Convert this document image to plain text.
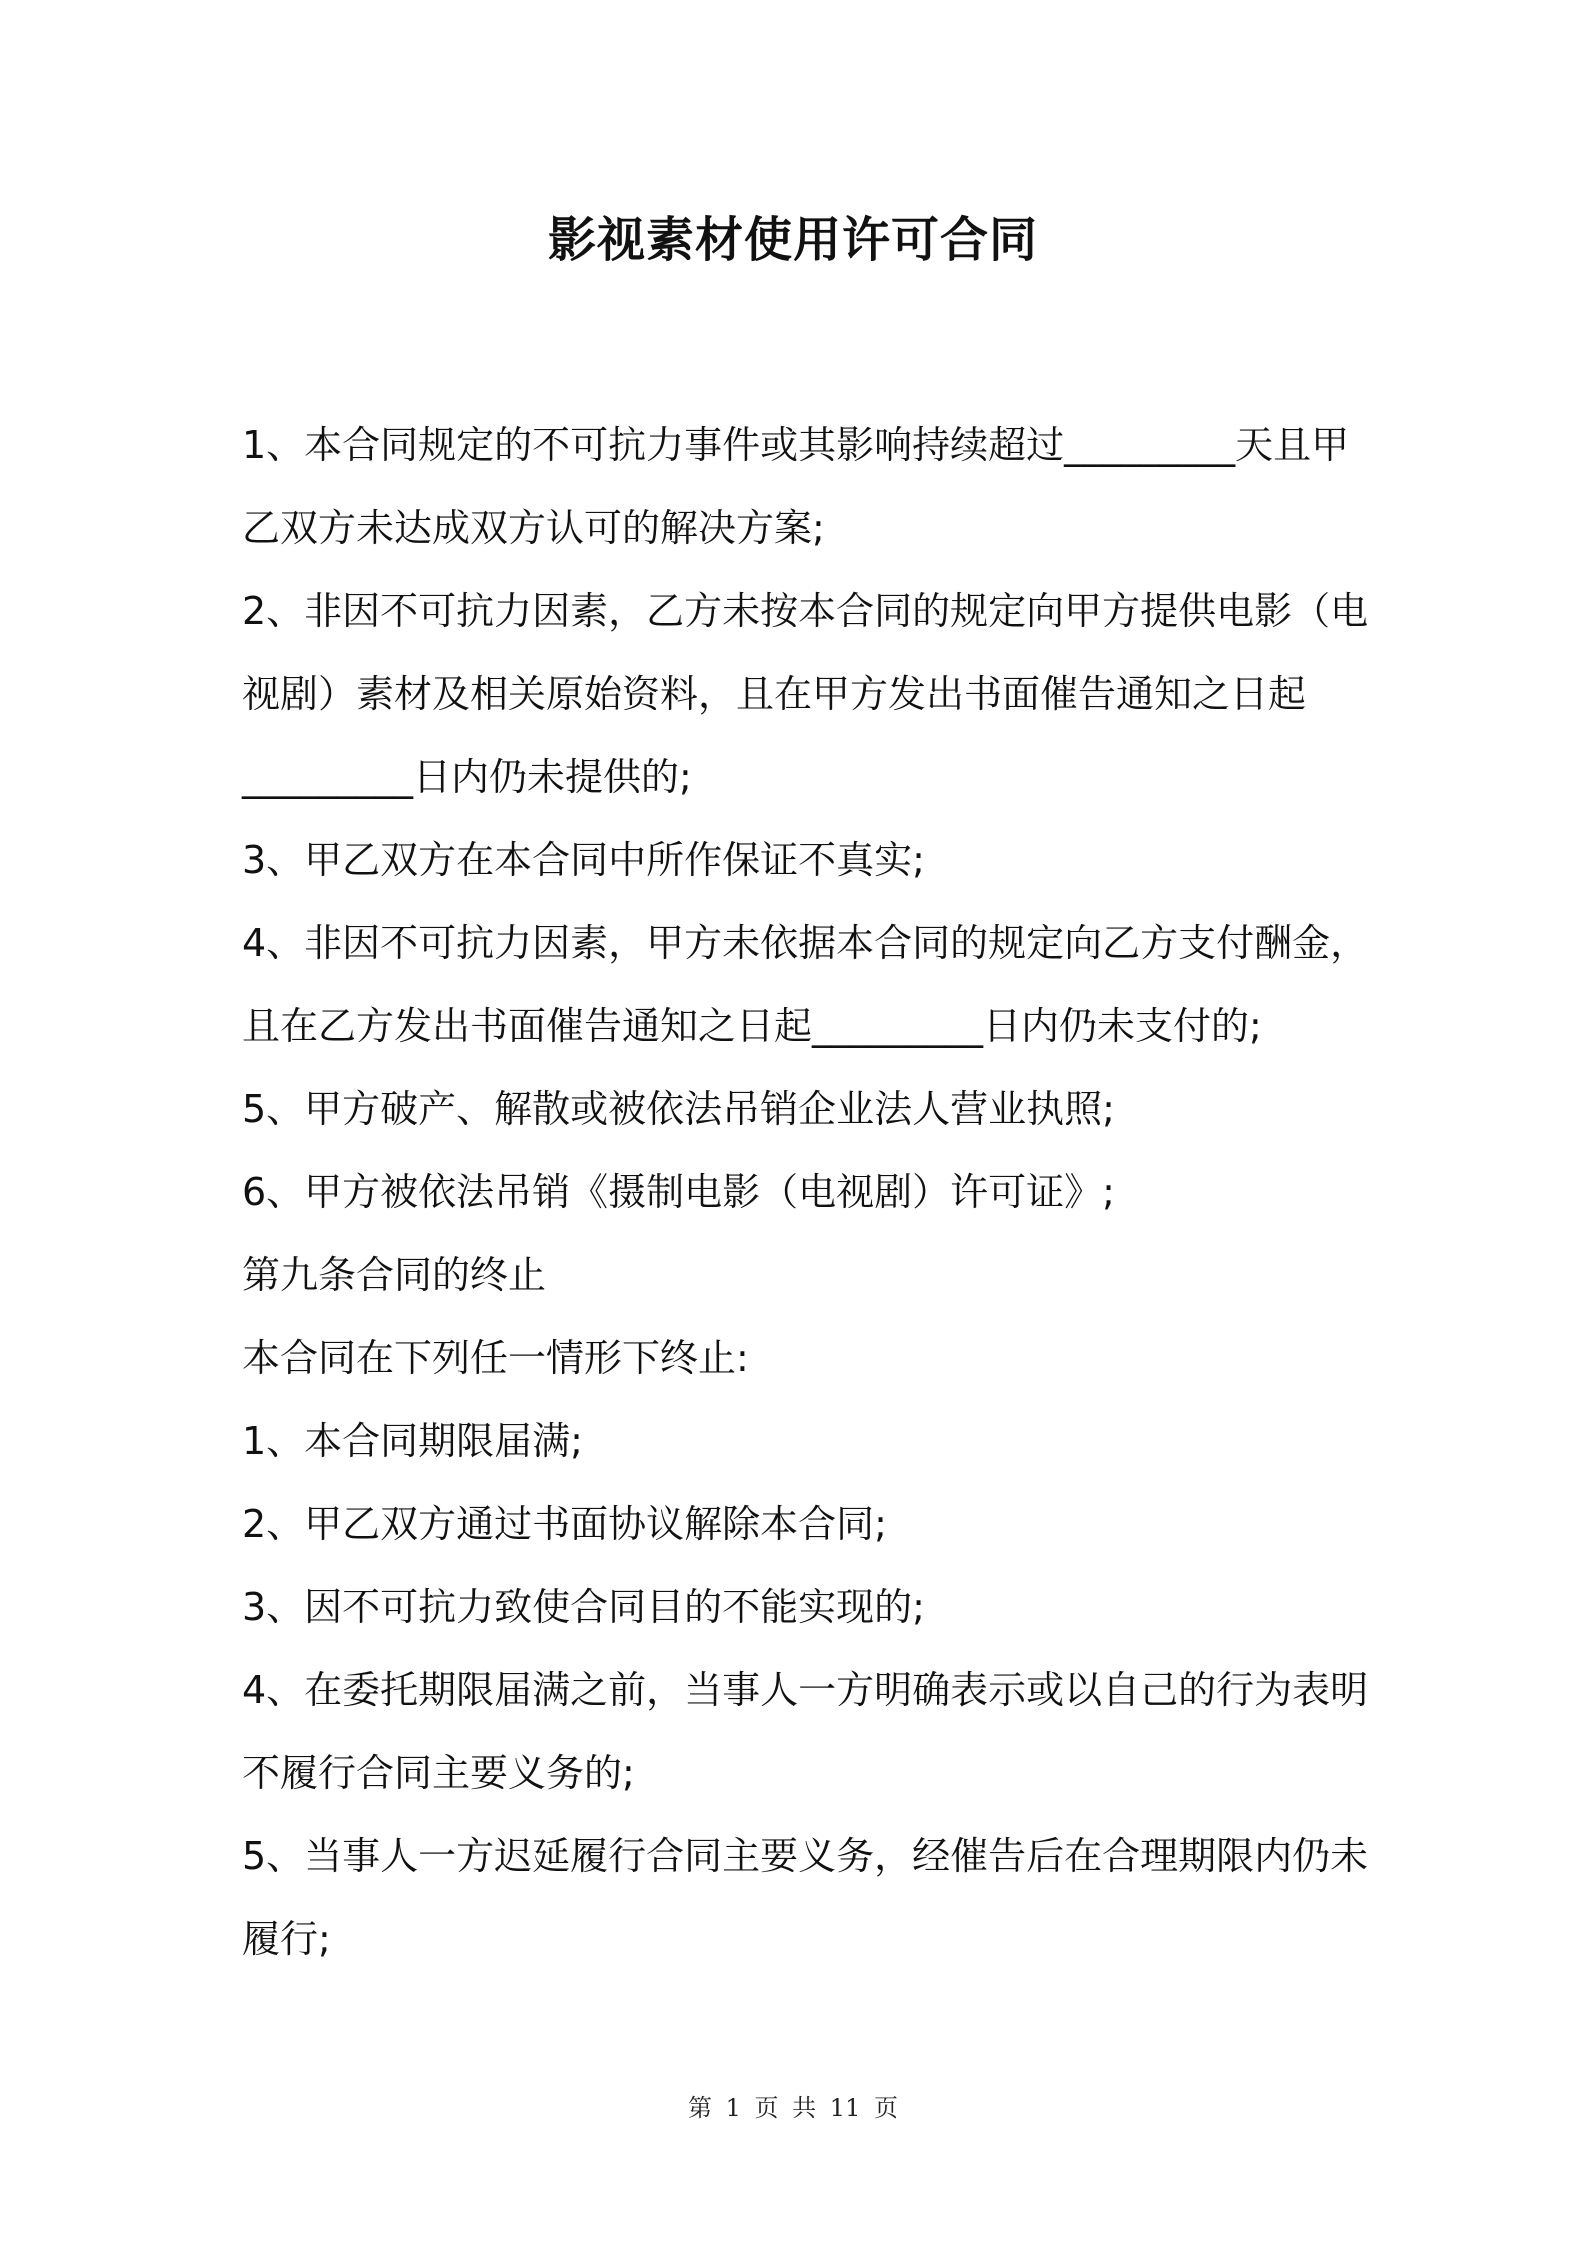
影视素材使用许可合同
1、本合同规定的不可抗力事件或其影响持续超过_________天且甲
乙双方未达成双方认可的解决方案;
2、非因不可抗力因素，乙方未按本合同的规定向甲方提供电影（电
视剧）素材及相关原始资料，且在甲方发出书面催告通知之日起
_________日内仍未提供的;
3、甲乙双方在本合同中所作保证不真实;
4、非因不可抗力因素，甲方未依据本合同的规定向乙方支付酬金，
且在乙方发出书面催告通知之日起_________日内仍未支付的;
5、甲方破产、解散或被依法吊销企业法人营业执照;
6、甲方被依法吊销《摄制电影（电视剧）许可证》;
第九条合同的终止
本合同在下列任一情形下终止:
1、本合同期限届满;
2、甲乙双方通过书面协议解除本合同;
3、因不可抗力致使合同目的不能实现的;
4、在委托期限届满之前，当事人一方明确表示或以自己的行为表明
不履行合同主要义务的;
5、当事人一方迟延履行合同主要义务，经催告后在合理期限内仍未
履行;
第 1 页 共 11 页
